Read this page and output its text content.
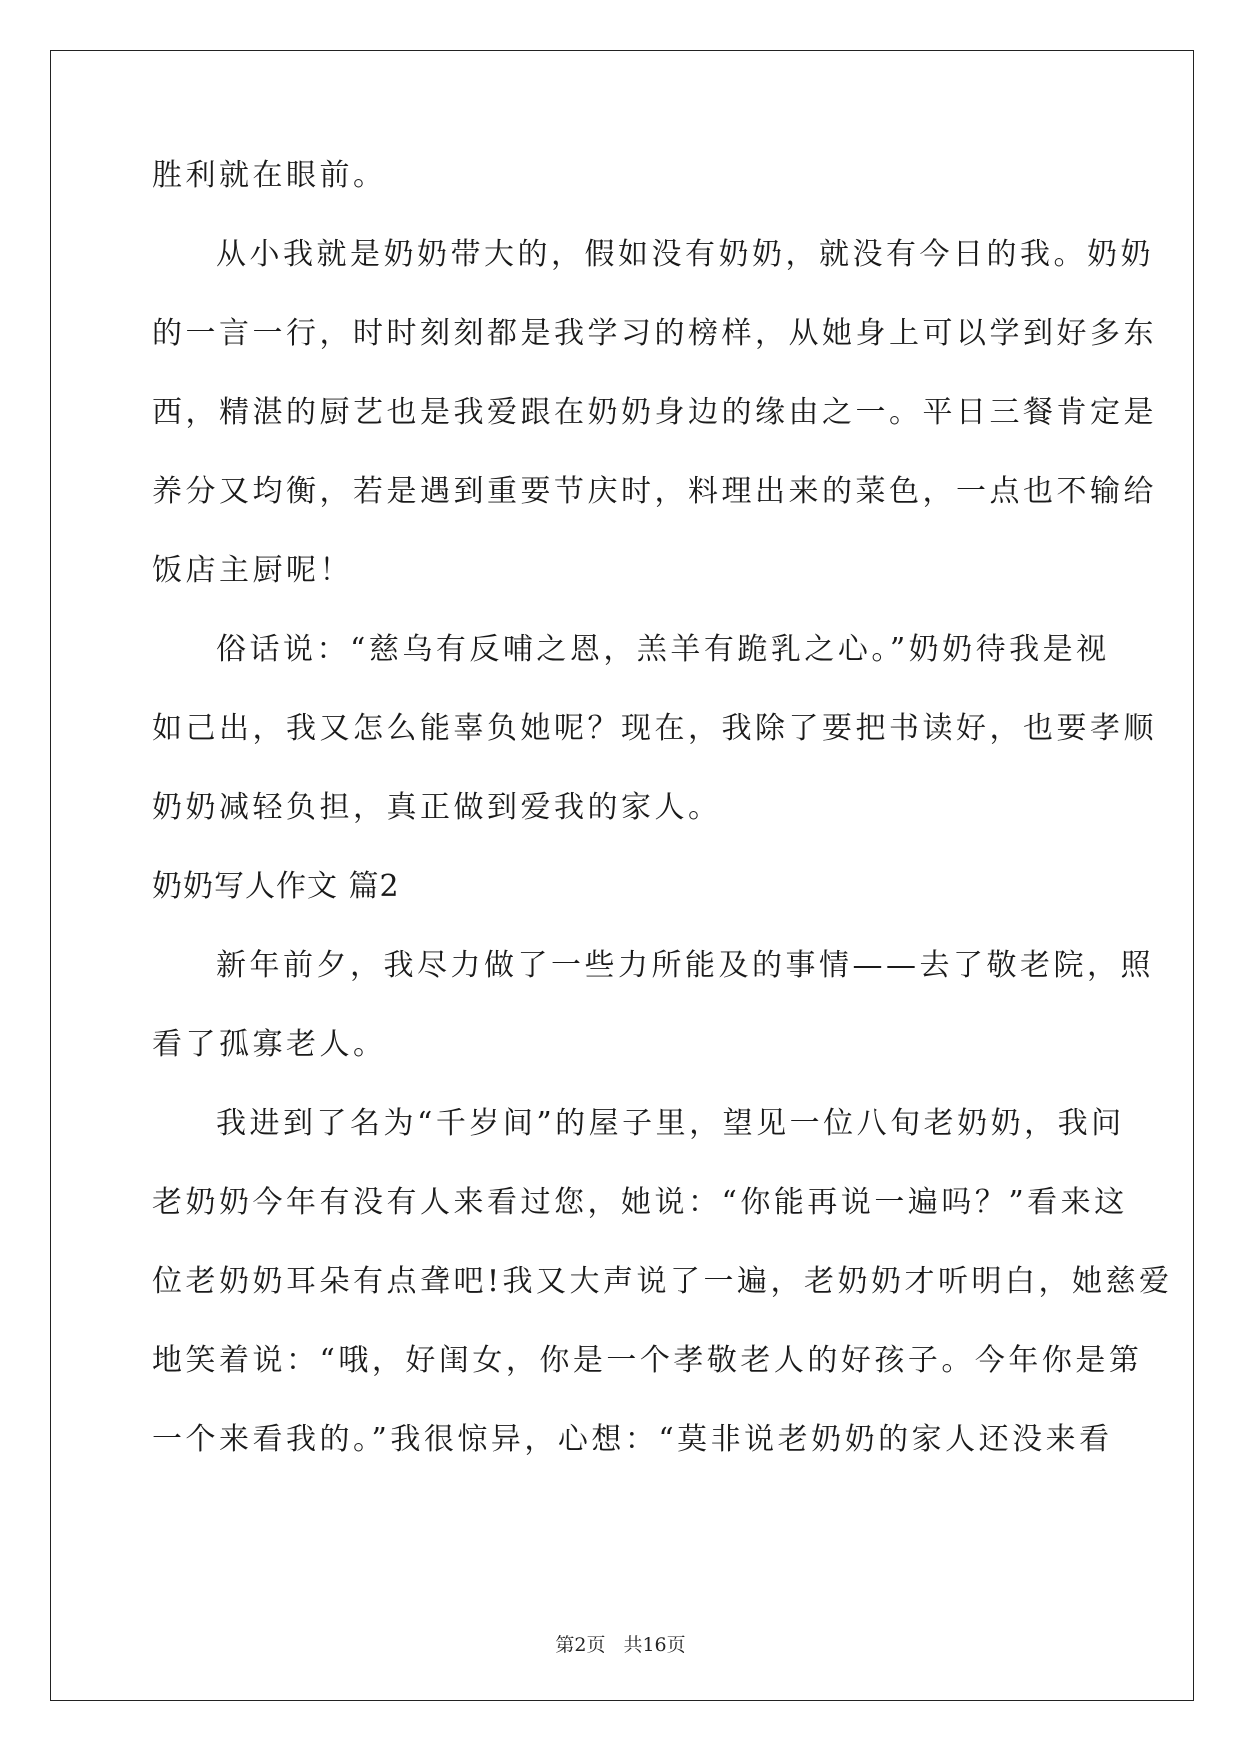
胜利就在眼前。
从小我就是奶奶带大的，假如没有奶奶，就没有今日的我。奶奶
的一言一行，时时刻刻都是我学习的榜样，从她身上可以学到好多东
西，精湛的厨艺也是我爱跟在奶奶身边的缘由之一。平日三餐肯定是
养分又均衡，若是遇到重要节庆时，料理出来的菜色，一点也不输给
饭店主厨呢！
俗话说：“慈乌有反哺之恩，羔羊有跪乳之心。”奶奶待我是视
如己出，我又怎么能辜负她呢？现在，我除了要把书读好，也要孝顺
奶奶减轻负担，真正做到爱我的家人。
奶奶写人作文 篇2
新年前夕，我尽力做了一些力所能及的事情——去了敬老院，照
看了孤寡老人。
我进到了名为“千岁间”的屋子里，望见一位八旬老奶奶，我问
老奶奶今年有没有人来看过您，她说：“你能再说一遍吗？”看来这
位老奶奶耳朵有点聋吧!我又大声说了一遍，老奶奶才听明白，她慈爱
地笑着说：“哦，好闺女，你是一个孝敬老人的好孩子。今年你是第
一个来看我的。”我很惊异，心想：“莫非说老奶奶的家人还没来看
第2页 共16页
